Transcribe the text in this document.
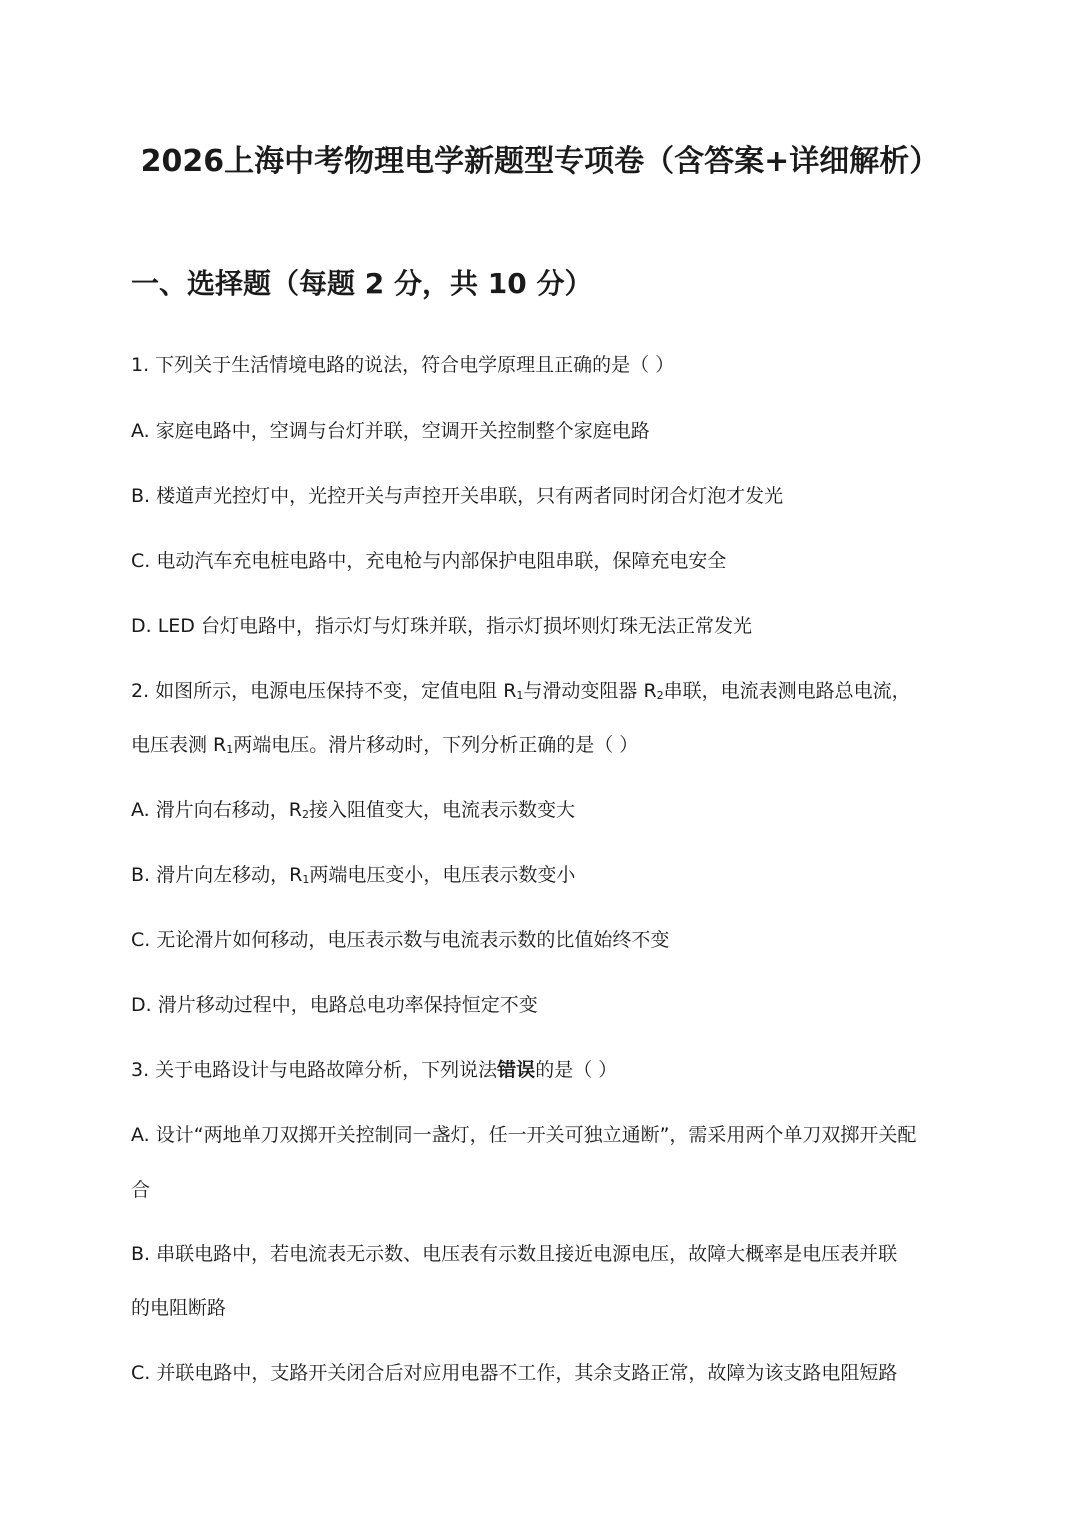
2026上海中考物理电学新题型专项卷（含答案+详细解析）
一、选择题（每题 2 分，共 10 分）
1. 下列关于生活情境电路的说法，符合电学原理且正确的是（ ）
A. 家庭电路中，空调与台灯并联，空调开关控制整个家庭电路
B. 楼道声光控灯中，光控开关与声控开关串联，只有两者同时闭合灯泡才发光
C. 电动汽车充电桩电路中，充电枪与内部保护电阻串联，保障充电安全
D. LED 台灯电路中，指示灯与灯珠并联，指示灯损坏则灯珠无法正常发光
2. 如图所示，电源电压保持不变，定值电阻 R1与滑动变阻器 R2串联，电流表测电路总电流，
电压表测 R1两端电压。滑片移动时，下列分析正确的是（ ）
A. 滑片向右移动，R2接入阻值变大，电流表示数变大
B. 滑片向左移动，R1两端电压变小，电压表示数变小
C. 无论滑片如何移动，电压表示数与电流表示数的比值始终不变
D. 滑片移动过程中，电路总电功率保持恒定不变
3. 关于电路设计与电路故障分析，下列说法错误的是（ ）
A. 设计“两地单刀双掷开关控制同一盏灯，任一开关可独立通断”，需采用两个单刀双掷开关配
合
B. 串联电路中，若电流表无示数、电压表有示数且接近电源电压，故障大概率是电压表并联
的电阻断路
C. 并联电路中，支路开关闭合后对应用电器不工作，其余支路正常，故障为该支路电阻短路
